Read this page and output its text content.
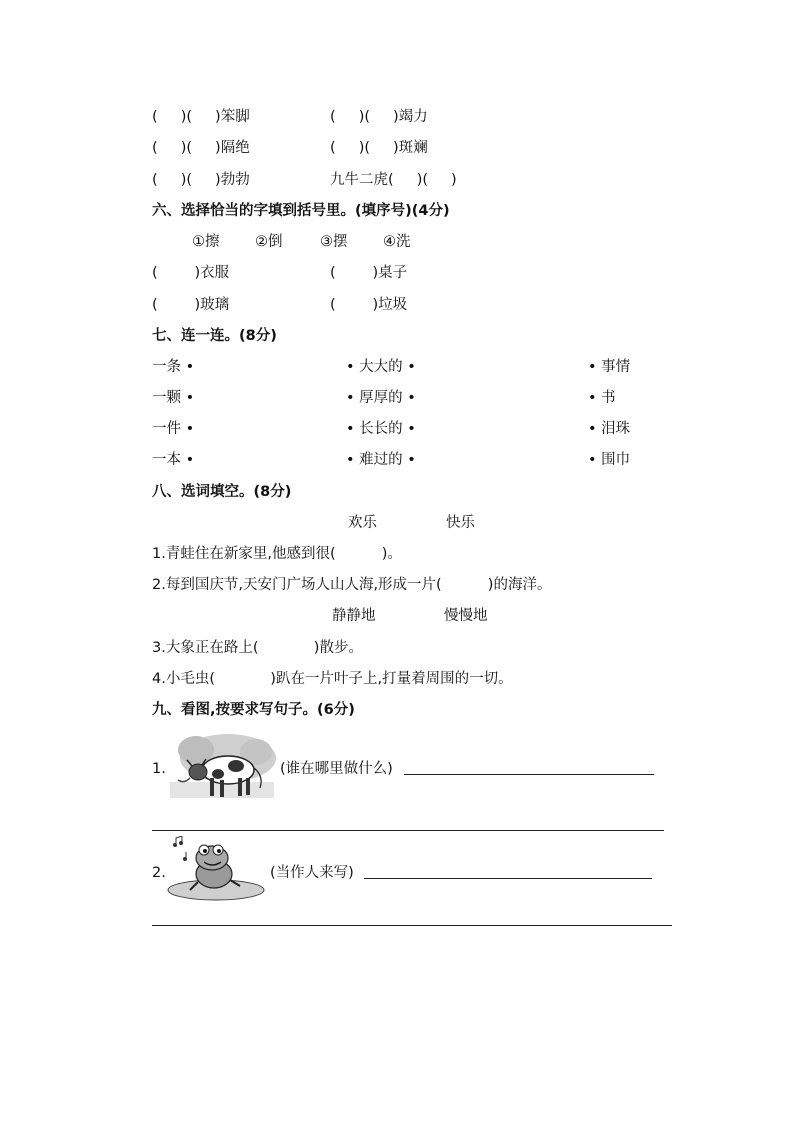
(     )(     )笨脚	(     )(     )竭力
(     )(     )隔绝	(     )(     )斑斓
(     )(     )勃勃	九牛二虎(     )(     )
六、选择恰当的字填到括号里。(填序号)(4分)
①擦 ②倒	③摆 ④洗
(        )衣服	(        )桌子
(        )玻璃	(        )垃圾
七、连一连。(8分)
一条 •	• 大大的 •	• 事情
一颗 •	• 厚厚的 •	• 书
一件 •	• 长长的 •	• 泪珠
一本 •	• 难过的 •	• 围巾
八、选词填空。(8分)
欢乐	快乐
1.青蛙住在新家里,他感到很(          )。
2.每到国庆节,天安门广场人山人海,形成一片(          )的海洋。
静静地	慢慢地
3.大象正在路上(            )散步。
4.小毛虫(            )趴在一片叶子上,打量着周围的一切。
九、看图,按要求写句子。(6分)
1.	(谁在哪里做什么)
2.	(当作人来写)
